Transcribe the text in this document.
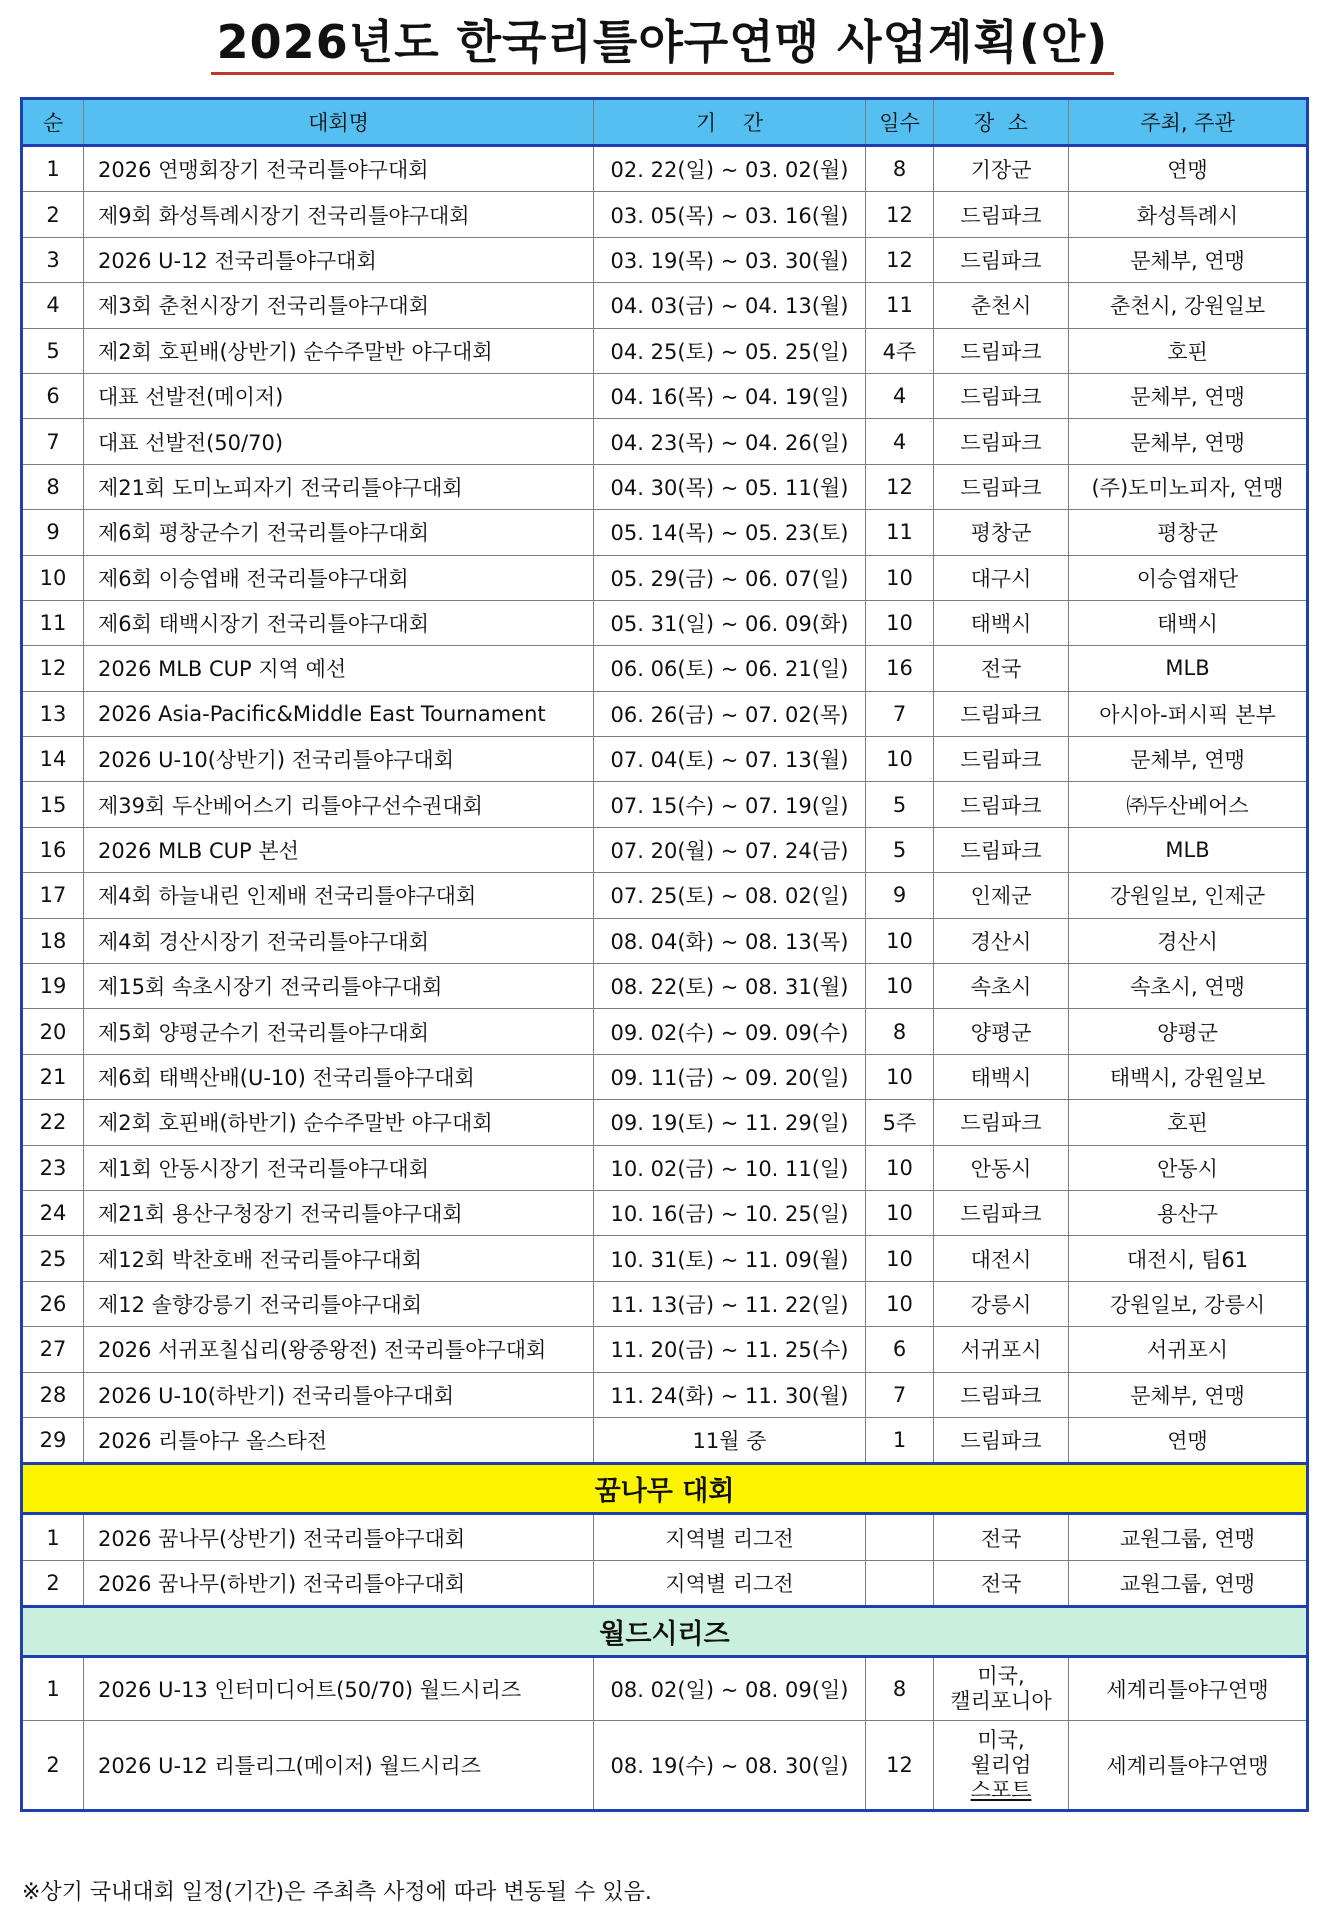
2026년도 한국리틀야구연맹 사업계획(안)
순	대회명	기    간	일수	장  소	주최, 주관
1	2026 연맹회장기 전국리틀야구대회	02. 22(일) ~ 03. 02(월)	8	기장군	연맹
2	제9회 화성특례시장기 전국리틀야구대회	03. 05(목) ~ 03. 16(월)	12	드림파크	화성특례시
3	2026 U-12 전국리틀야구대회	03. 19(목) ~ 03. 30(월)	12	드림파크	문체부, 연맹
4	제3회 춘천시장기 전국리틀야구대회	04. 03(금) ~ 04. 13(월)	11	춘천시	춘천시, 강원일보
5	제2회 호핀배(상반기) 순수주말반 야구대회	04. 25(토) ~ 05. 25(일)	4주	드림파크	호핀
6	대표 선발전(메이저)	04. 16(목) ~ 04. 19(일)	4	드림파크	문체부, 연맹
7	대표 선발전(50/70)	04. 23(목) ~ 04. 26(일)	4	드림파크	문체부, 연맹
8	제21회 도미노피자기 전국리틀야구대회	04. 30(목) ~ 05. 11(월)	12	드림파크	(주)도미노피자, 연맹
9	제6회 평창군수기 전국리틀야구대회	05. 14(목) ~ 05. 23(토)	11	평창군	평창군
10	제6회 이승엽배 전국리틀야구대회	05. 29(금) ~ 06. 07(일)	10	대구시	이승엽재단
11	제6회 태백시장기 전국리틀야구대회	05. 31(일) ~ 06. 09(화)	10	태백시	태백시
12	2026 MLB CUP 지역 예선	06. 06(토) ~ 06. 21(일)	16	전국	MLB
13	2026 Asia-Pacific&Middle East Tournament	06. 26(금) ~ 07. 02(목)	7	드림파크	아시아-퍼시픽 본부
14	2026 U-10(상반기) 전국리틀야구대회	07. 04(토) ~ 07. 13(월)	10	드림파크	문체부, 연맹
15	제39회 두산베어스기 리틀야구선수권대회	07. 15(수) ~ 07. 19(일)	5	드림파크	㈜두산베어스
16	2026 MLB CUP 본선	07. 20(월) ~ 07. 24(금)	5	드림파크	MLB
17	제4회 하늘내린 인제배 전국리틀야구대회	07. 25(토) ~ 08. 02(일)	9	인제군	강원일보, 인제군
18	제4회 경산시장기 전국리틀야구대회	08. 04(화) ~ 08. 13(목)	10	경산시	경산시
19	제15회 속초시장기 전국리틀야구대회	08. 22(토) ~ 08. 31(월)	10	속초시	속초시, 연맹
20	제5회 양평군수기 전국리틀야구대회	09. 02(수) ~ 09. 09(수)	8	양평군	양평군
21	제6회 태백산배(U-10) 전국리틀야구대회	09. 11(금) ~ 09. 20(일)	10	태백시	태백시, 강원일보
22	제2회 호핀배(하반기) 순수주말반 야구대회	09. 19(토) ~ 11. 29(일)	5주	드림파크	호핀
23	제1회 안동시장기 전국리틀야구대회	10. 02(금) ~ 10. 11(일)	10	안동시	안동시
24	제21회 용산구청장기 전국리틀야구대회	10. 16(금) ~ 10. 25(일)	10	드림파크	용산구
25	제12회 박찬호배 전국리틀야구대회	10. 31(토) ~ 11. 09(월)	10	대전시	대전시, 팀61
26	제12 솔향강릉기 전국리틀야구대회	11. 13(금) ~ 11. 22(일)	10	강릉시	강원일보, 강릉시
27	2026 서귀포칠십리(왕중왕전) 전국리틀야구대회	11. 20(금) ~ 11. 25(수)	6	서귀포시	서귀포시
28	2026 U-10(하반기) 전국리틀야구대회	11. 24(화) ~ 11. 30(월)	7	드림파크	문체부, 연맹
29	2026 리틀야구 올스타전	11월 중	1	드림파크	연맹
꿈나무 대회					
1	2026 꿈나무(상반기) 전국리틀야구대회	지역별 리그전		전국	교원그룹, 연맹
2	2026 꿈나무(하반기) 전국리틀야구대회	지역별 리그전		전국	교원그룹, 연맹
월드시리즈					
1	2026 U-13 인터미디어트(50/70) 월드시리즈	08. 02(일) ~ 08. 09(일)	8	미국,
캘리포니아	세계리틀야구연맹
2	2026 U-12 리틀리그(메이저) 월드시리즈	08. 19(수) ~ 08. 30(일)	12	미국,
윌리엄
스포트	세계리틀야구연맹
※상기 국내대회 일정(기간)은 주최측 사정에 따라 변동될 수 있음.
